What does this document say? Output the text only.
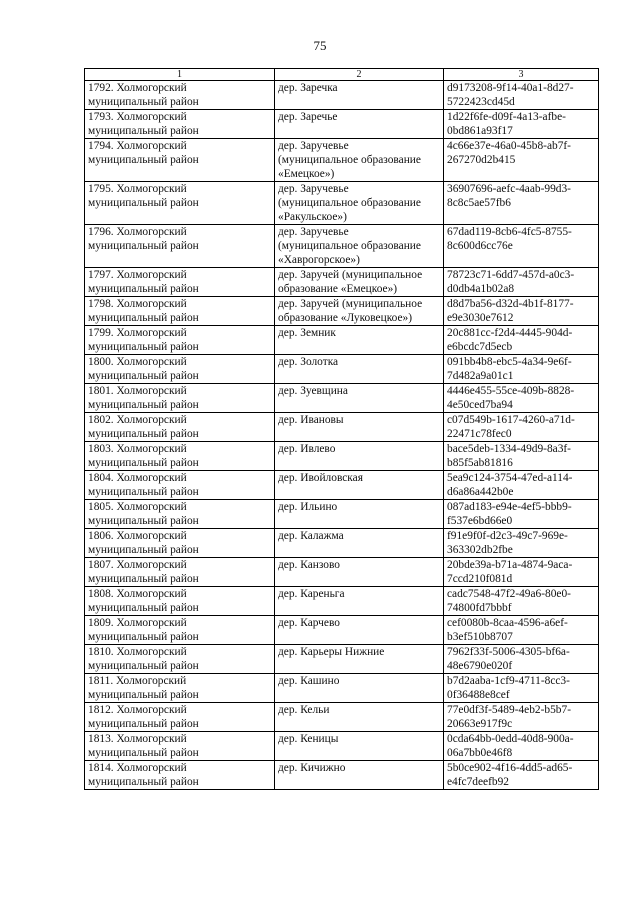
75
1	2	3

1792. Холмогорский
муниципальный район	дер. Заречка	d9173208-9f14-40a1-8d27-
5722423cd45d

1793. Холмогорский
муниципальный район	дер. Заречье	1d22f6fe-d09f-4a13-afbe-
0bd861a93f17

1794. Холмогорский
муниципальный район	дер. Заручевье
(муниципальное образование
«Емецкое»)	4c66e37e-46a0-45b8-ab7f-
267270d2b415

1795. Холмогорский
муниципальный район	дер. Заручевье
(муниципальное образование
«Ракульское»)	36907696-aefc-4aab-99d3-
8c8c5ae57fb6

1796. Холмогорский
муниципальный район	дер. Заручевье
(муниципальное образование
«Хаврогорское»)	67dad119-8cb6-4fc5-8755-
8c600d6cc76e

1797. Холмогорский
муниципальный район	дер. Заручей (муниципальное
образование «Емецкое»)	78723c71-6dd7-457d-a0c3-
d0db4a1b02a8

1798. Холмогорский
муниципальный район	дер. Заручей (муниципальное
образование «Луковецкое»)	d8d7ba56-d32d-4b1f-8177-
e9e3030e7612

1799. Холмогорский
муниципальный район	дер. Земник	20c881cc-f2d4-4445-904d-
e6bcdc7d5ecb

1800. Холмогорский
муниципальный район	дер. Золотка	091bb4b8-ebc5-4a34-9e6f-
7d482a9a01c1

1801. Холмогорский
муниципальный район	дер. Зуевщина	4446e455-55ce-409b-8828-
4e50ced7ba94

1802. Холмогорский
муниципальный район	дер. Ивановы	c07d549b-1617-4260-a71d-
22471c78fec0

1803. Холмогорский
муниципальный район	дер. Ивлево	bace5deb-1334-49d9-8a3f-
b85f5ab81816

1804. Холмогорский
муниципальный район	дер. Ивойловская	5ea9c124-3754-47ed-a114-
d6a86a442b0e

1805. Холмогорский
муниципальный район	дер. Ильино	087ad183-e94e-4ef5-bbb9-
f537e6bd66e0

1806. Холмогорский
муниципальный район	дер. Калажма	f91e9f0f-d2c3-49c7-969e-
363302db2fbe

1807. Холмогорский
муниципальный район	дер. Канзово	20bde39a-b71a-4874-9aca-
7ccd210f081d

1808. Холмогорский
муниципальный район	дер. Кареньга	cadc7548-47f2-49a6-80e0-
74800fd7bbbf

1809. Холмогорский
муниципальный район	дер. Карчево	cef0080b-8caa-4596-a6ef-
b3ef510b8707

1810. Холмогорский
муниципальный район	дер. Карьеры Нижние	7962f33f-5006-4305-bf6a-
48e6790e020f

1811. Холмогорский
муниципальный район	дер. Кашино	b7d2aaba-1cf9-4711-8cc3-
0f36488e8cef

1812. Холмогорский
муниципальный район	дер. Кельи	77e0df3f-5489-4eb2-b5b7-
20663e917f9c

1813. Холмогорский
муниципальный район	дер. Кеницы	0cda64bb-0edd-40d8-900a-
06a7bb0e46f8

1814. Холмогорский
муниципальный район	дер. Кичижно	5b0ce902-4f16-4dd5-ad65-
e4fc7deefb92
